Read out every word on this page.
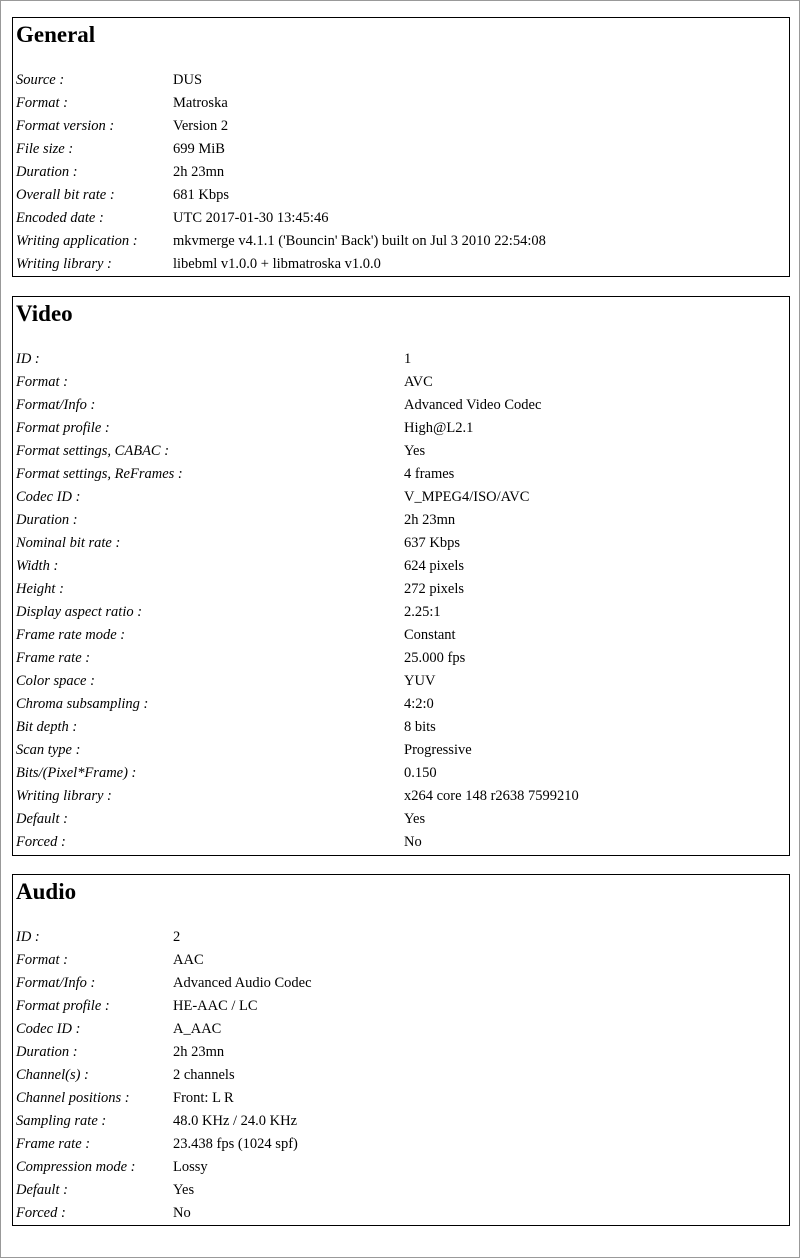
General
Source :	DUS
Format :	Matroska
Format version :	Version 2
File size :	699 MiB
Duration :	2h 23mn
Overall bit rate :	681 Kbps
Encoded date :	UTC 2017-01-30 13:45:46
Writing application : mkvmerge v4.1.1 ('Bouncin' Back') built on Jul 3 2010 22:54:08
Writing library :	libebml v1.0.0 + libmatroska v1.0.0
Video
ID :	1
Format :	AVC
Format/Info :	Advanced Video Codec
Format profile :	High@L2.1
Format settings, CABAC :	Yes
Format settings, ReFrames :	4 frames
Codec ID :	V_MPEG4/ISO/AVC
Duration :	2h 23mn
Nominal bit rate :	637 Kbps
Width :	624 pixels
Height :	272 pixels
Display aspect ratio :	2.25:1
Frame rate mode :	Constant
Frame rate :	25.000 fps
Color space :	YUV
Chroma subsampling :	4:2:0
Bit depth :	8 bits
Scan type :	Progressive
Bits/(Pixel*Frame) :	0.150
Writing library :	x264 core 148 r2638 7599210
Default :	Yes
Forced :	No
Audio
ID :	2
Format :	AAC
Format/Info :	Advanced Audio Codec
Format profile :	HE-AAC / LC
Codec ID :	A_AAC
Duration :	2h 23mn
Channel(s) :	2 channels
Channel positions :	Front: L R
Sampling rate :	48.0 KHz / 24.0 KHz
Frame rate :	23.438 fps (1024 spf)
Compression mode :	Lossy
Default :	Yes
Forced :	No
